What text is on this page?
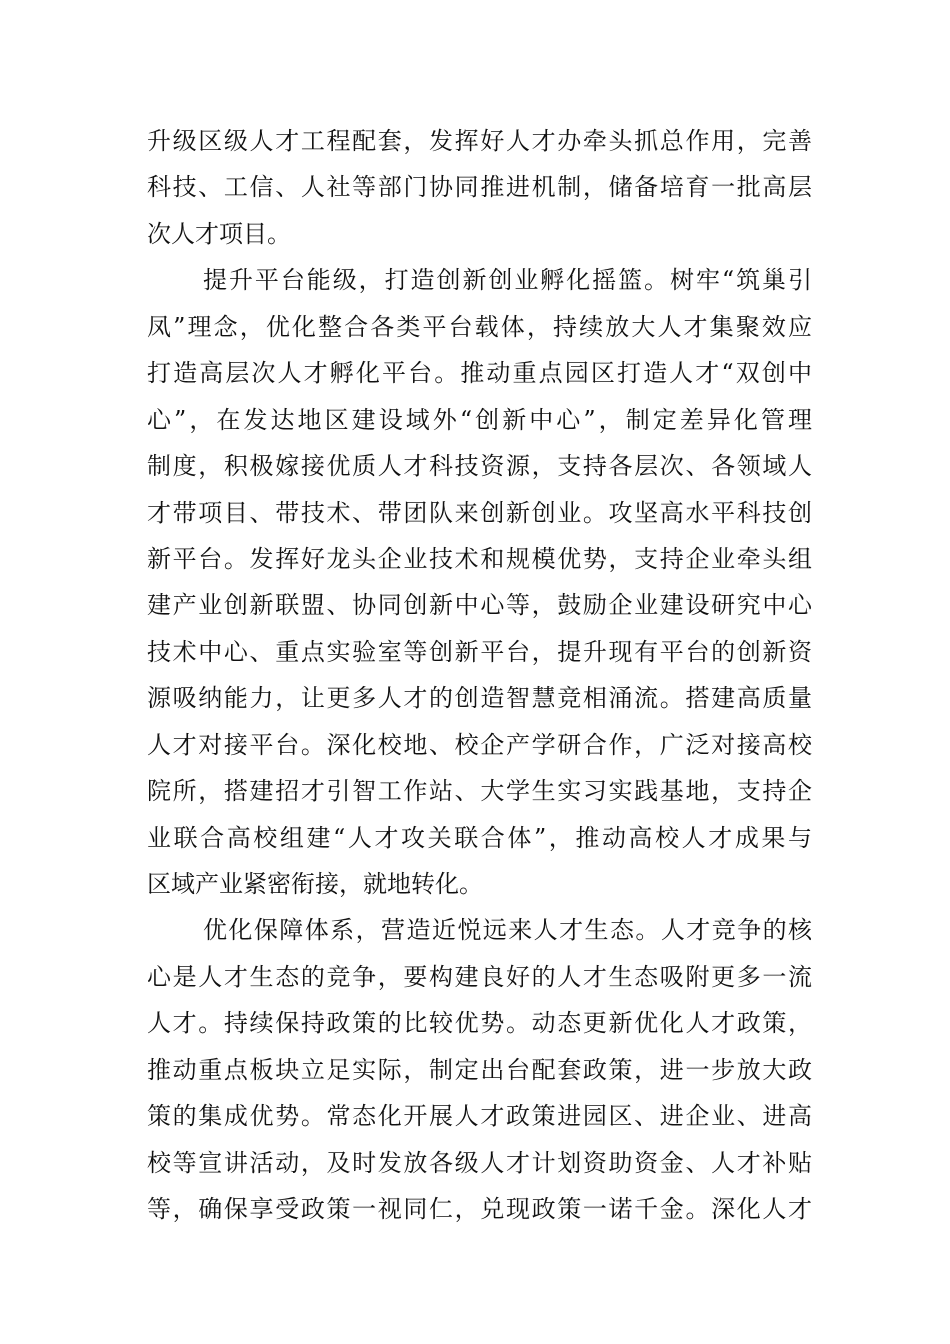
升级区级人才工程配套，发挥好人才办牵头抓总作用，完善
科技、工信、人社等部门协同推进机制，储备培育一批高层
次人才项目。
提升平台能级，打造创新创业孵化摇篮。树牢“筑巢引
凤”理念，优化整合各类平台载体，持续放大人才集聚效应
打造高层次人才孵化平台。推动重点园区打造人才“双创中
心”，在发达地区建设域外“创新中心”，制定差异化管理
制度，积极嫁接优质人才科技资源，支持各层次、各领域人
才带项目、带技术、带团队来创新创业。攻坚高水平科技创
新平台。发挥好龙头企业技术和规模优势，支持企业牵头组
建产业创新联盟、协同创新中心等，鼓励企业建设研究中心
技术中心、重点实验室等创新平台，提升现有平台的创新资
源吸纳能力，让更多人才的创造智慧竞相涌流。搭建高质量
人才对接平台。深化校地、校企产学研合作，广泛对接高校
院所，搭建招才引智工作站、大学生实习实践基地，支持企
业联合高校组建“人才攻关联合体”，推动高校人才成果与
区域产业紧密衔接，就地转化。
优化保障体系，营造近悦远来人才生态。人才竞争的核
心是人才生态的竞争，要构建良好的人才生态吸附更多一流
人才。持续保持政策的比较优势。动态更新优化人才政策，
推动重点板块立足实际，制定出台配套政策，进一步放大政
策的集成优势。常态化开展人才政策进园区、进企业、进高
校等宣讲活动，及时发放各级人才计划资助资金、人才补贴
等，确保享受政策一视同仁，兑现政策一诺千金。深化人才
